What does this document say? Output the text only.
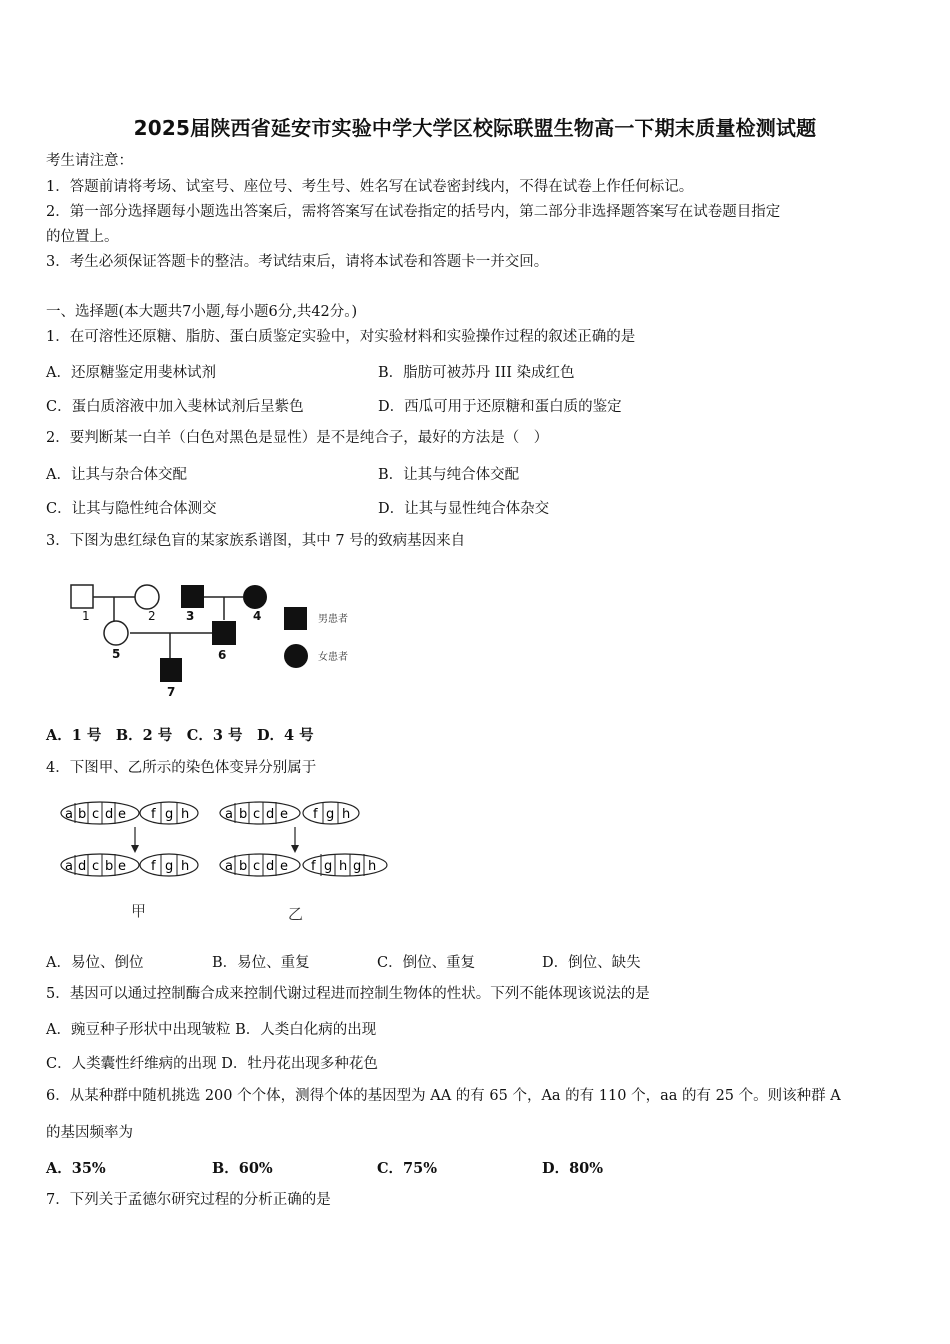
2025届陕西省延安市实验中学大学区校际联盟生物高一下期末质量检测试题
考生请注意：
1．答题前请将考场、试室号、座位号、考生号、姓名写在试卷密封线内，不得在试卷上作任何标记。
2．第一部分选择题每小题选出答案后，需将答案写在试卷指定的括号内，第二部分非选择题答案写在试卷题目指定
的位置上。
3．考生必须保证答题卡的整洁。考试结束后，请将本试卷和答题卡一并交回。
一、选择题(本大题共7小题,每小题6分,共42分。)
1．在可溶性还原糖、脂肪、蛋白质鉴定实验中，对实验材料和实验操作过程的叙述正确的是
A．还原糖鉴定用斐林试剂	B．脂肪可被苏丹 III 染成红色
C．蛋白质溶液中加入斐林试剂后呈紫色	D．西瓜可用于还原糖和蛋白质的鉴定
2．要判断某一白羊（白色对黑色是显性）是不是纯合子，最好的方法是（　）
A．让其与杂合体交配	B．让其与纯合体交配
C．让其与隐性纯合体测交	D．让其与显性纯合体杂交
3．下图为患红绿色盲的某家族系谱图，其中 7 号的致病基因来自
1	2	3	4
5	6
7
男患者
女患者
A．1 号　B．2 号　C．3 号　D．4 号
4．下图甲、乙所示的染色体变异分别属于
a b c d e f g h
a d c b e f g h
甲
a b c d e f g h
a b c d e f g h g h
乙
A．易位、倒位	B．易位、重复	C．倒位、重复	D．倒位、缺失
5．基因可以通过控制酶合成来控制代谢过程进而控制生物体的性状。下列不能体现该说法的是
A．豌豆种子形状中出现皱粒 B．人类白化病的出现
C．人类囊性纤维病的出现 D．牡丹花出现多种花色
6．从某种群中随机挑选 200 个个体，测得个体的基因型为 AA 的有 65 个，Aa 的有 110 个，aa 的有 25 个。则该种群 A
的基因频率为
A．35%	B．60%	C．75%	D．80%
7．下列关于孟德尔研究过程的分析正确的是
